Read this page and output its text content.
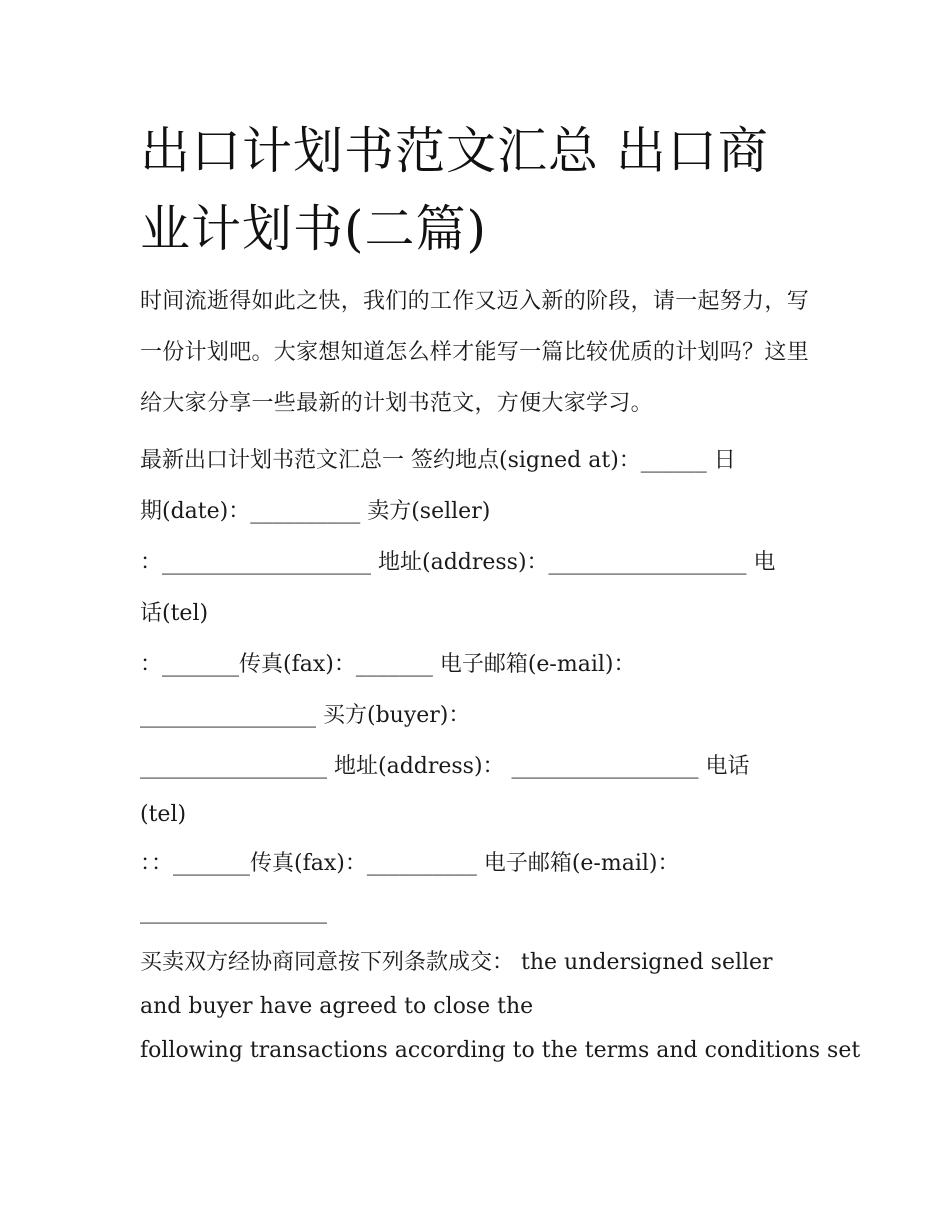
出口计划书范文汇总 出口商业计划书(二篇)

时间流逝得如此之快，我们的工作又迈入新的阶段，请一起努力，写一份计划吧。大家想知道怎么样才能写一篇比较优质的计划吗？这里给大家分享一些最新的计划书范文，方便大家学习。

最新出口计划书范文汇总一 签约地点(signed at)：______ 日
期(date)：__________ 卖方(seller)
：___________________ 地址(address)：__________________ 电
话(tel)
：_______传真(fax)：_______ 电子邮箱(e-mail)：
________________ 买方(buyer)：
_________________ 地址(address)： _________________ 电话
(tel)
：：_______传真(fax)：__________ 电子邮箱(e-mail)：
_________________
买卖双方经协商同意按下列条款成交： the undersigned seller
and buyer have agreed to close the
following transactions according to the terms and conditions set
